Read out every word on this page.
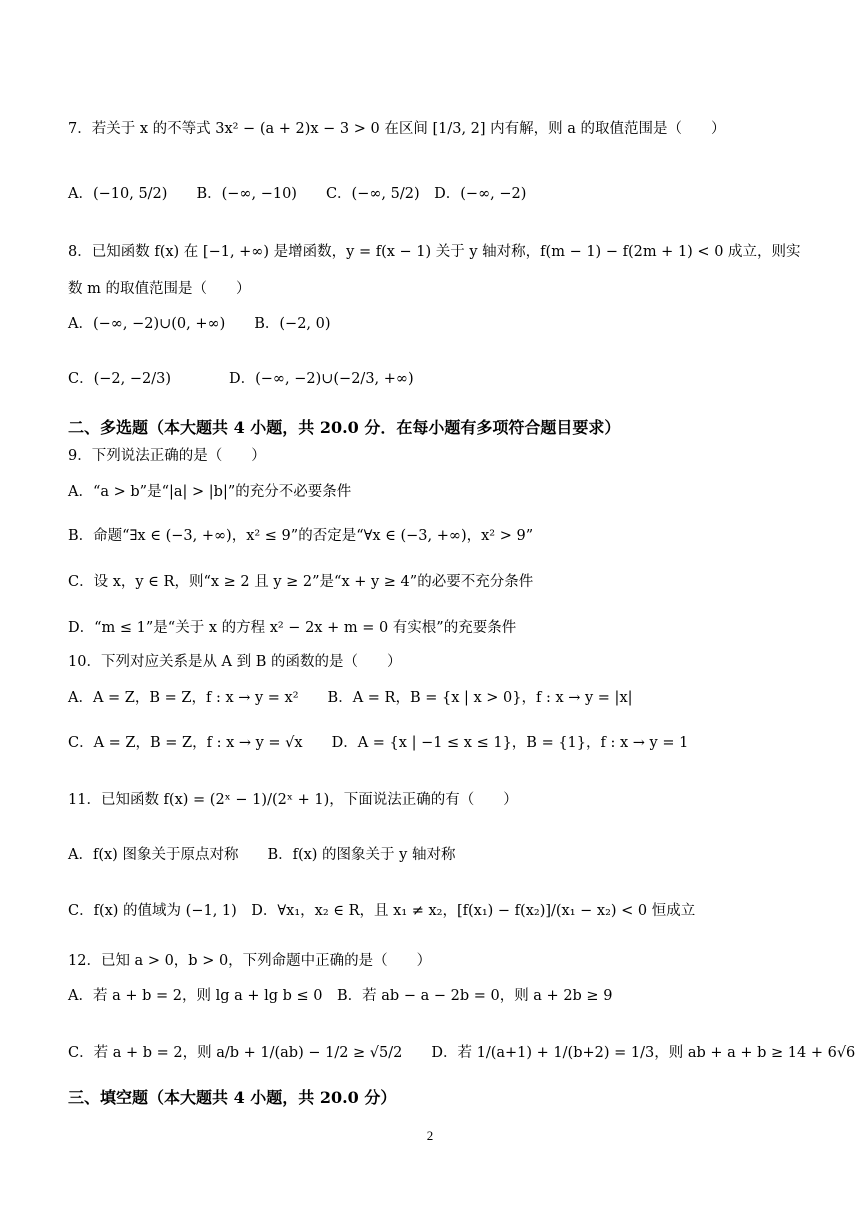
7．若关于 x 的不等式 3x² − (a + 2)x − 3 > 0 在区间 [1/3, 2] 内有解，则 a 的取值范围是（　　）
A．(−10, 5/2)　　B．(−∞, −10)　　C．(−∞, 5/2)　D．(−∞, −2)
8．已知函数 f(x) 在 [−1, +∞) 是增函数，y = f(x − 1) 关于 y 轴对称，f(m − 1) − f(2m + 1) < 0 成立，则实
数 m 的取值范围是（　　）
A．(−∞, −2)∪(0, +∞)　　B．(−2, 0)
C．(−2, −2/3)　　　　D．(−∞, −2)∪(−2/3, +∞)
二、多选题（本大题共 4 小题，共 20.0 分．在每小题有多项符合题目要求）
9．下列说法正确的是（　　）
A．“a > b”是“|a| > |b|”的充分不必要条件
B．命题“∃x ∈ (−3, +∞)，x² ≤ 9”的否定是“∀x ∈ (−3, +∞)，x² > 9”
C．设 x，y ∈ R，则“x ≥ 2 且 y ≥ 2”是“x + y ≥ 4”的必要不充分条件
D．“m ≤ 1”是“关于 x 的方程 x² − 2x + m = 0 有实根”的充要条件
10．下列对应关系是从 A 到 B 的函数的是（　　）
A．A = Z，B = Z，f : x → y = x²　　B．A = R，B = {x | x > 0}，f : x → y = |x|
C．A = Z，B = Z，f : x → y = √x　　D．A = {x | −1 ≤ x ≤ 1}，B = {1}，f : x → y = 1
11．已知函数 f(x) = (2ˣ − 1)/(2ˣ + 1)，下面说法正确的有（　　）
A．f(x) 图象关于原点对称　　B．f(x) 的图象关于 y 轴对称
C．f(x) 的值域为 (−1, 1)　D．∀x₁，x₂ ∈ R，且 x₁ ≠ x₂，[f(x₁) − f(x₂)]/(x₁ − x₂) < 0 恒成立
12．已知 a > 0，b > 0，下列命题中正确的是（　　）
A．若 a + b = 2，则 lg a + lg b ≤ 0　B．若 ab − a − 2b = 0，则 a + 2b ≥ 9
C．若 a + b = 2，则 a/b + 1/(ab) − 1/2 ≥ √5/2　　D．若 1/(a+1) + 1/(b+2) = 1/3，则 ab + a + b ≥ 14 + 6√6
三、填空题（本大题共 4 小题，共 20.0 分）
2
